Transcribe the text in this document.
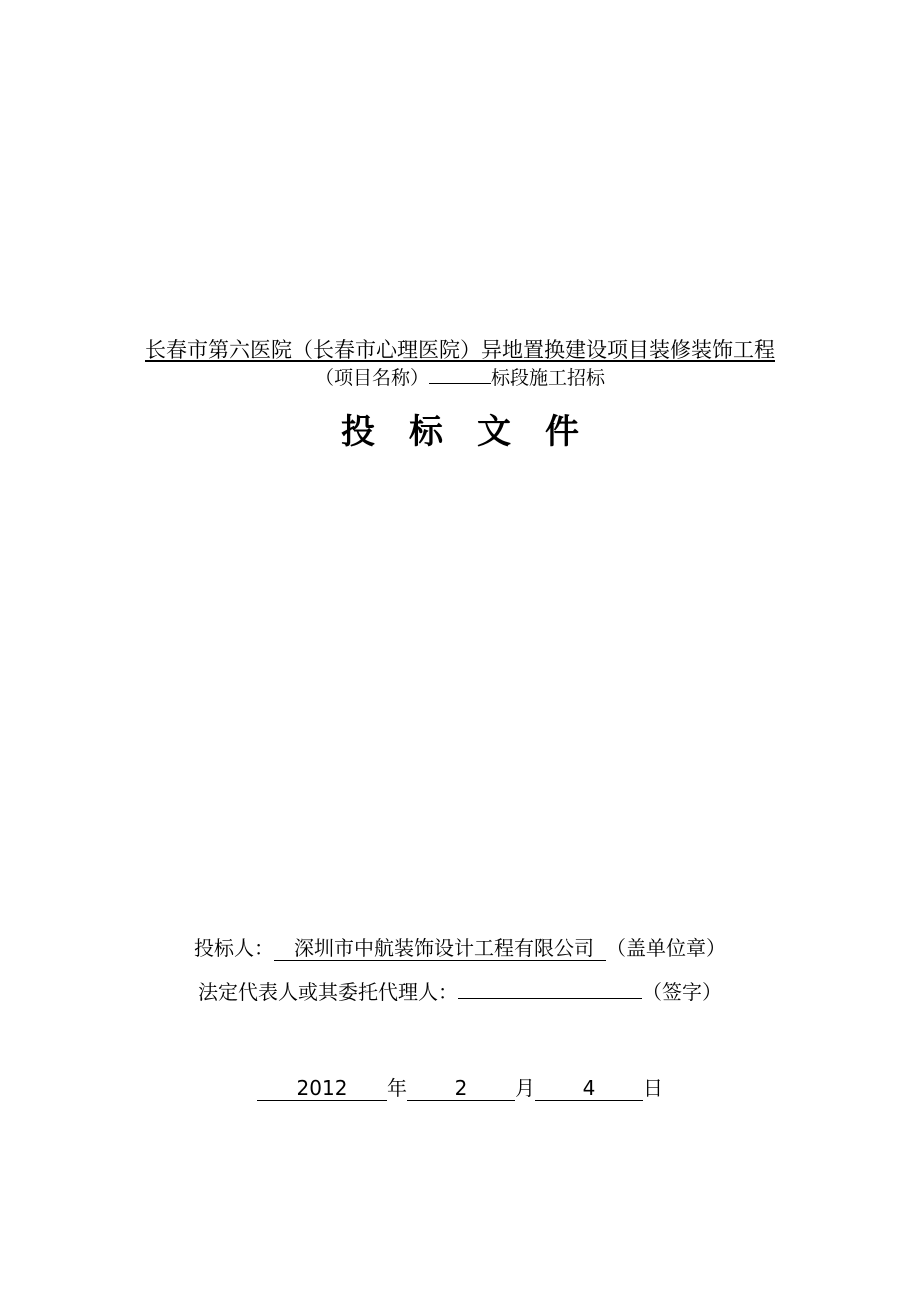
长春市第六医院（长春市心理医院）异地置换建设项目装修装饰工程
（项目名称）	标段施工招标
投标文件
投标人： 深圳市中航装饰设计工程有限公司 （盖单位章）
法定代表人或其委托代理人：	（签字）
2012 年 2 月 4 日
